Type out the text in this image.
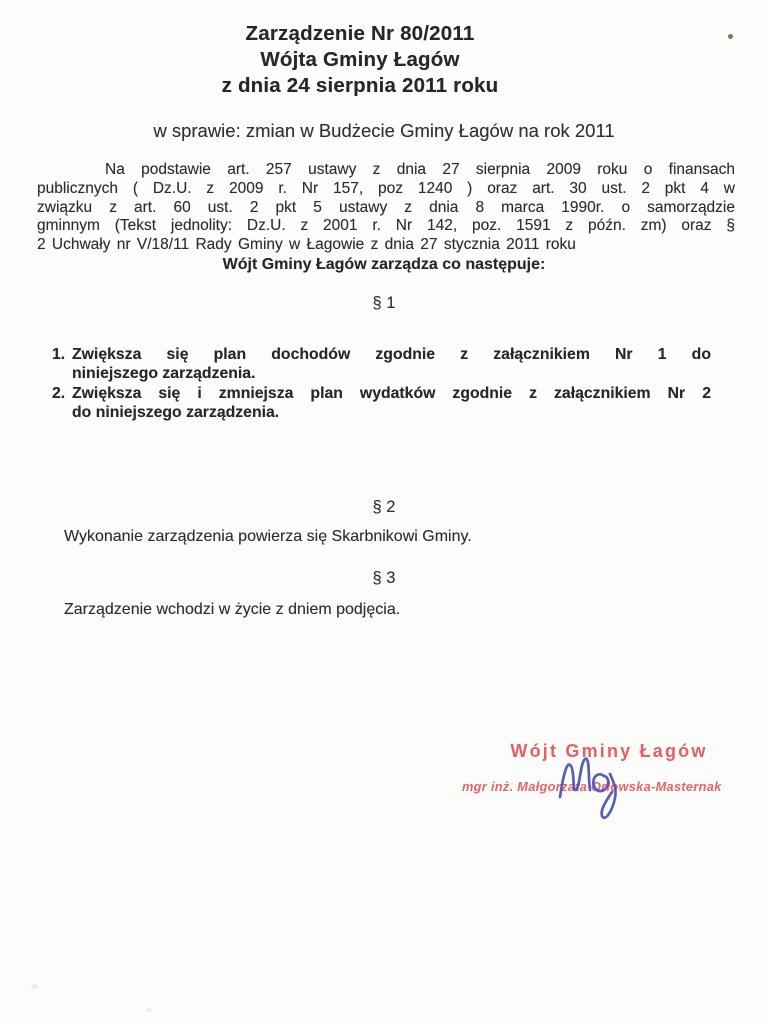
Zarządzenie Nr 80/2011
Wójta Gminy Łagów
z dnia 24 sierpnia 2011 roku
w sprawie: zmian w Budżecie Gminy Łagów na rok 2011
Na podstawie art. 257 ustawy z dnia 27 sierpnia 2009 roku o finansach
publicznych ( Dz.U. z 2009 r. Nr 157, poz 1240 ) oraz art. 30 ust. 2 pkt 4 w
związku z art. 60 ust. 2 pkt 5 ustawy z dnia 8 marca 1990r. o samorządzie
gminnym (Tekst jednolity: Dz.U. z 2001 r. Nr 142, poz. 1591 z późn. zm) oraz §
2 Uchwały nr V/18/11 Rady Gminy w Łagowie z dnia 27 stycznia 2011 roku
Wójt Gminy Łagów zarządza co następuje:
§ 1
1. Zwiększa się plan dochodów zgodnie z załącznikiem Nr 1 do
niniejszego zarządzenia.
2. Zwiększa się i zmniejsza plan wydatków zgodnie z załącznikiem Nr 2
do niniejszego zarządzenia.
§ 2
Wykonanie zarządzenia powierza się Skarbnikowi Gminy.
§ 3
Zarządzenie wchodzi w życie z dniem podjęcia.
Wójt Gminy Łagów
mgr inż. Małgorzata Orłowska-Masternak
